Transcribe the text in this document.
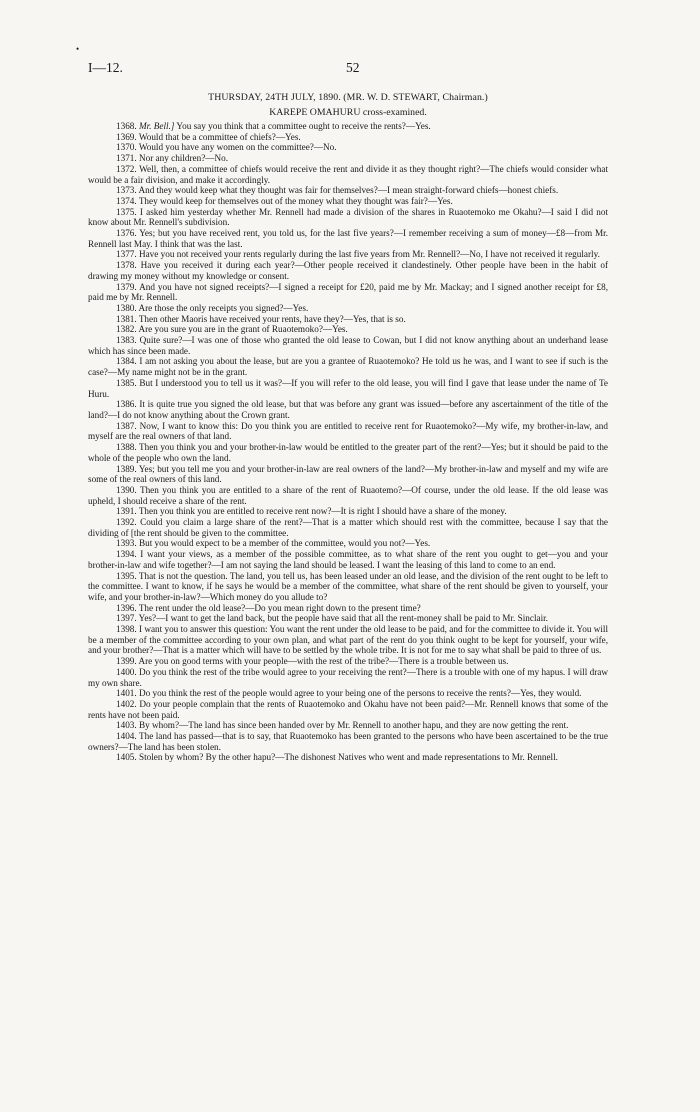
•
I—12.	52
THURSDAY, 24TH JULY, 1890. (MR. W. D. STEWART, Chairman.)
KAREPE OMAHURU cross-examined.

1368. Mr. Bell.] You say you think that a committee ought to receive the rents?—Yes.

1369. Would that be a committee of chiefs?—Yes.

1370. Would you have any women on the committee?—No.

1371. Nor any children?—No.

1372. Well, then, a committee of chiefs would receive the rent and divide it as they thought right?—The chiefs would consider what would be a fair division, and make it accordingly.

1373. And they would keep what they thought was fair for themselves?—I mean straight-forward chiefs—honest chiefs.

1374. They would keep for themselves out of the money what they thought was fair?—Yes.

1375. I asked him yesterday whether Mr. Rennell had made a division of the shares in Ruaotemoko me Okahu?—I said I did not know about Mr. Rennell's subdivision.

1376. Yes; but you have received rent, you told us, for the last five years?—I remember receiving a sum of money—£8—from Mr. Rennell last May. I think that was the last.

1377. Have you not received your rents regularly during the last five years from Mr. Rennell?—No, I have not received it regularly.

1378. Have you received it during each year?—Other people received it clandestinely. Other people have been in the habit of drawing my money without my knowledge or consent.

1379. And you have not signed receipts?—I signed a receipt for £20, paid me by Mr. Mackay; and I signed another receipt for £8, paid me by Mr. Rennell.

1380. Are those the only receipts you signed?—Yes.

1381. Then other Maoris have received your rents, have they?—Yes, that is so.

1382. Are you sure you are in the grant of Ruaotemoko?—Yes.

1383. Quite sure?—I was one of those who granted the old lease to Cowan, but I did not know anything about an underhand lease which has since been made.

1384. I am not asking you about the lease, but are you a grantee of Ruaotemoko? He told us he was, and I want to see if such is the case?—My name might not be in the grant.

1385. But I understood you to tell us it was?—If you will refer to the old lease, you will find I gave that lease under the name of Te Huru.

1386. It is quite true you signed the old lease, but that was before any grant was issued—before any ascertainment of the title of the land?—I do not know anything about the Crown grant.

1387. Now, I want to know this: Do you think you are entitled to receive rent for Ruaotemoko?—My wife, my brother-in-law, and myself are the real owners of that land.

1388. Then you think you and your brother-in-law would be entitled to the greater part of the rent?—Yes; but it should be paid to the whole of the people who own the land.

1389. Yes; but you tell me you and your brother-in-law are real owners of the land?—My brother-in-law and myself and my wife are some of the real owners of this land.

1390. Then you think you are entitled to a share of the rent of Ruaotemo?—Of course, under the old lease. If the old lease was upheld, I should receive a share of the rent.

1391. Then you think you are entitled to receive rent now?—It is right I should have a share of the money.

1392. Could you claim a large share of the rent?—That is a matter which should rest with the committee, because I say that the dividing of [the rent should be given to the committee.

1393. But you would expect to be a member of the committee, would you not?—Yes.

1394. I want your views, as a member of the possible committee, as to what share of the rent you ought to get—you and your brother-in-law and wife together?—I am not saying the land should be leased. I want the leasing of this land to come to an end.

1395. That is not the question. The land, you tell us, has been leased under an old lease, and the division of the rent ought to be left to the committee. I want to know, if he says he would be a member of the committee, what share of the rent should be given to yourself, your wife, and your brother-in-law?—Which money do you allude to?

1396. The rent under the old lease?—Do you mean right down to the present time?

1397. Yes?—I want to get the land back, but the people have said that all the rent-money shall be paid to Mr. Sinclair.

1398. I want you to answer this question: You want the rent under the old lease to be paid, and for the committee to divide it. You will be a member of the committee according to your own plan, and what part of the rent do you think ought to be kept for yourself, your wife, and your brother?—That is a matter which will have to be settled by the whole tribe. It is not for me to say what shall be paid to three of us.

1399. Are you on good terms with your people—with the rest of the tribe?—There is a trouble between us.

1400. Do you think the rest of the tribe would agree to your receiving the rent?—There is a trouble with one of my hapus. I will draw my own share.

1401. Do you think the rest of the people would agree to your being one of the persons to receive the rents?—Yes, they would.

1402. Do your people complain that the rents of Ruaotemoko and Okahu have not been paid?—Mr. Rennell knows that some of the rents have not been paid.

1403. By whom?—The land has since been handed over by Mr. Rennell to another hapu, and they are now getting the rent.

1404. The land has passed—that is to say, that Ruaotemoko has been granted to the persons who have been ascertained to be the true owners?—The land has been stolen.

1405. Stolen by whom? By the other hapu?—The dishonest Natives who went and made representations to Mr. Rennell.
